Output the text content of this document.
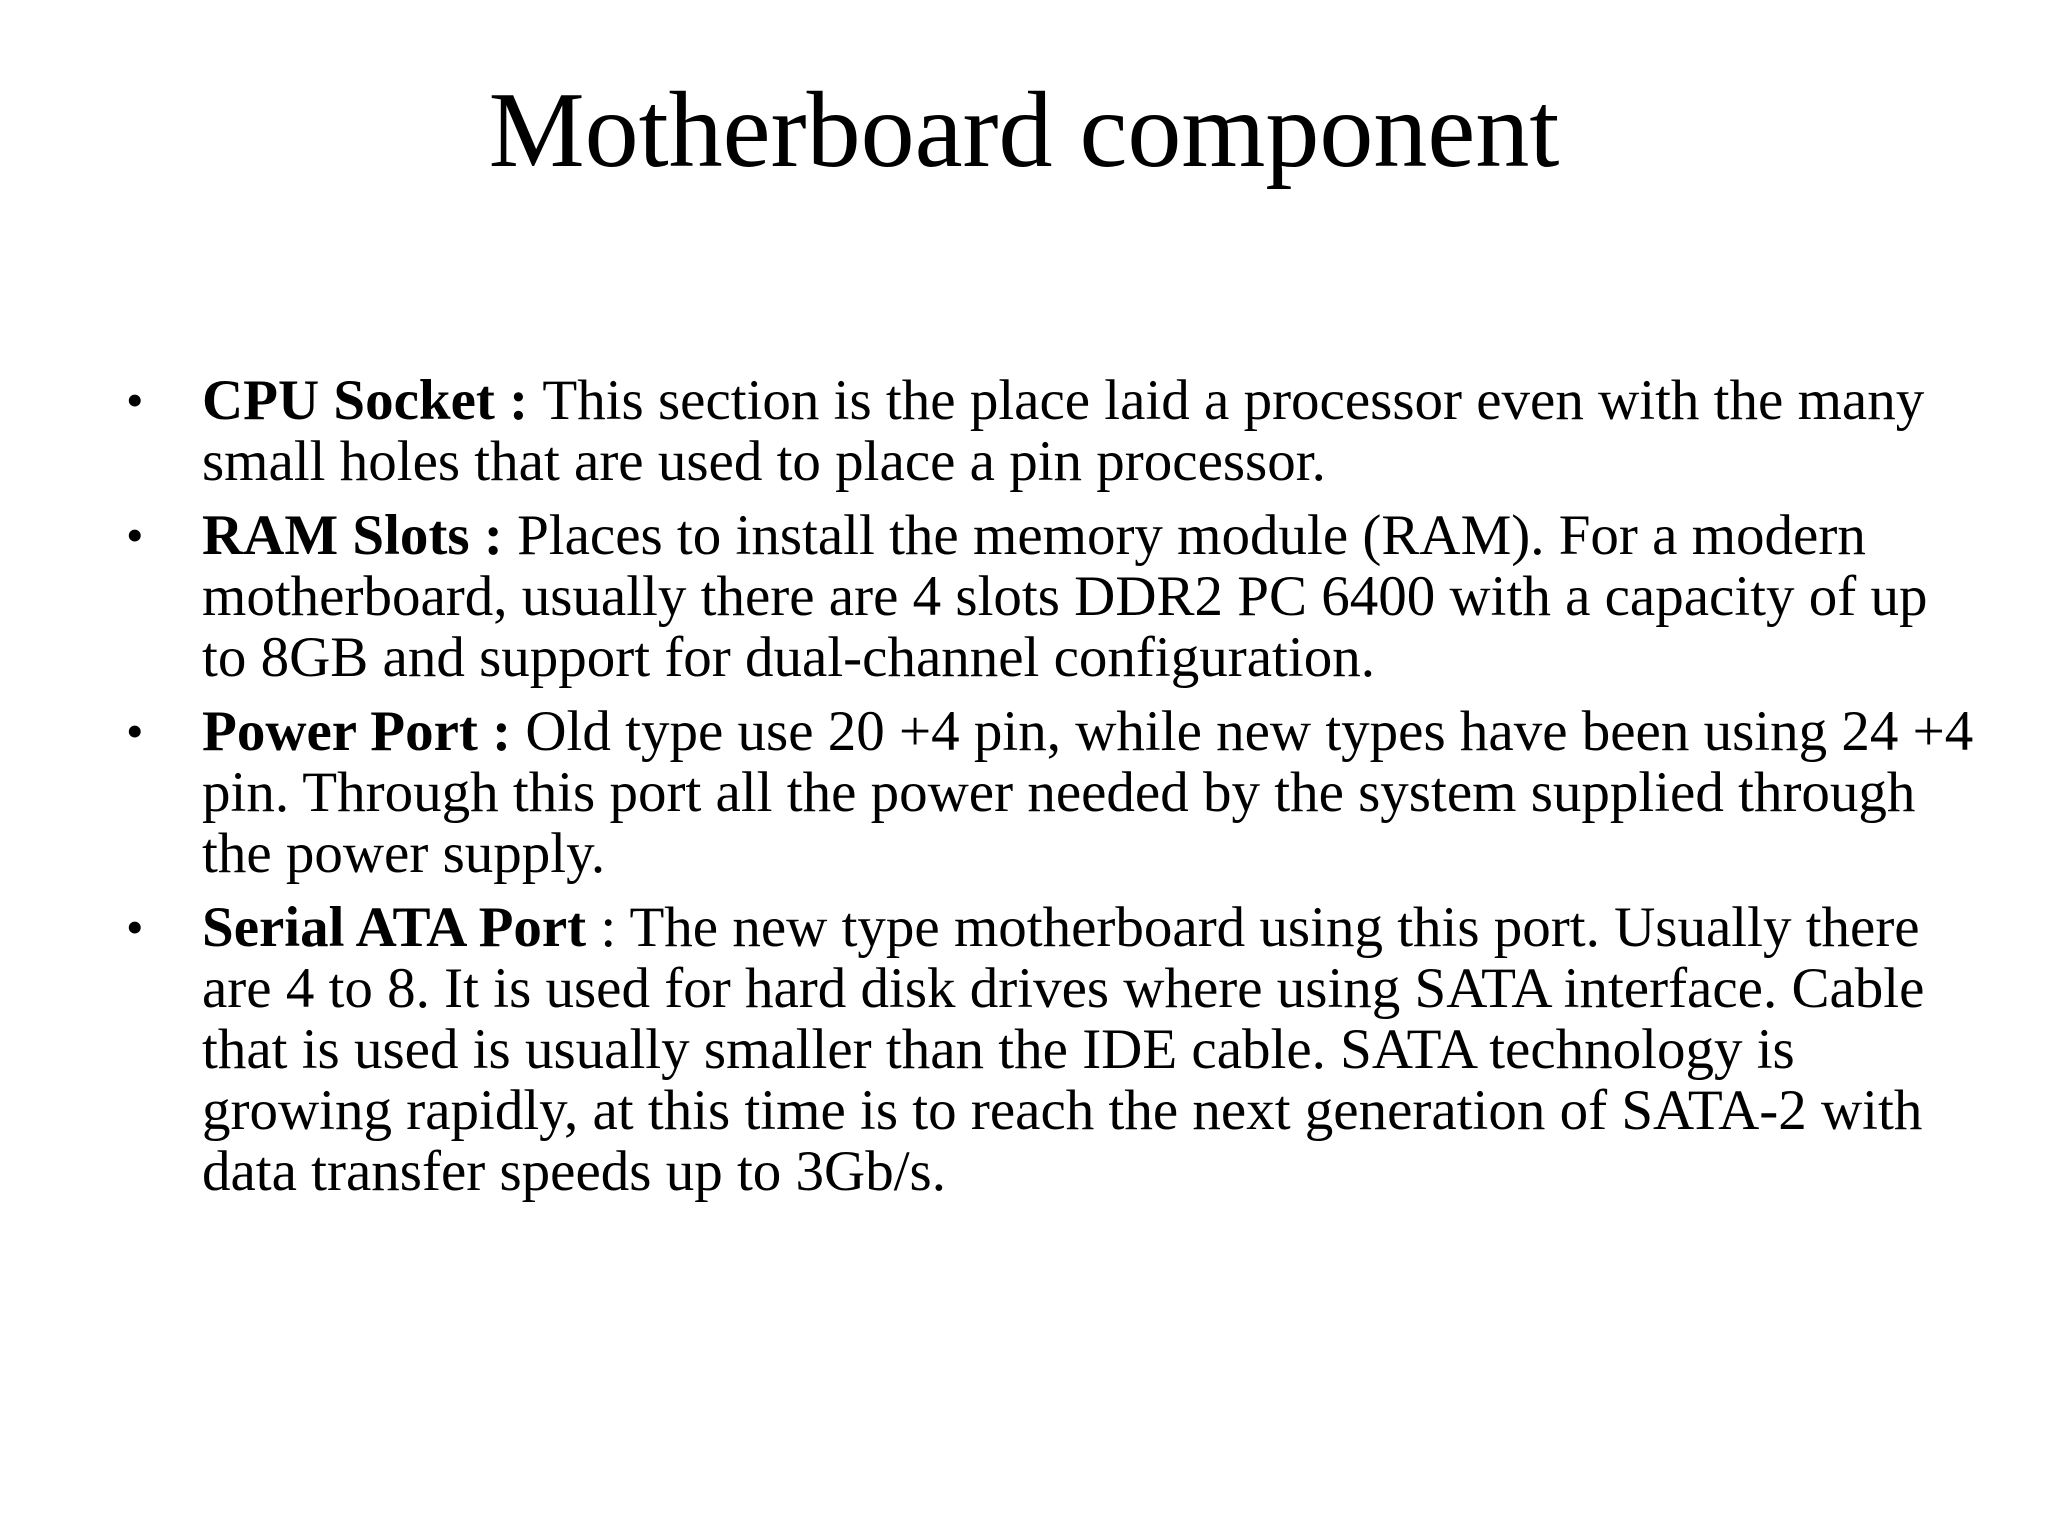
Motherboard component
• CPU Socket : This section is the place laid a processor even with the many small holes that are used to place a pin processor.
• RAM Slots : Places to install the memory module (RAM). For a modern motherboard, usually there are 4 slots DDR2 PC 6400 with a capacity of up to 8GB and support for dual-channel configuration.
• Power Port : Old type use 20 +4 pin, while new types have been using 24 +4 pin. Through this port all the power needed by the system supplied through the power supply.
• Serial ATA Port : The new type motherboard using this port. Usually there are 4 to 8. It is used for hard disk drives where using SATA interface. Cable that is used is usually smaller than the IDE cable. SATA technology is growing rapidly, at this time is to reach the next generation of SATA-2 with data transfer speeds up to 3Gb/s.
